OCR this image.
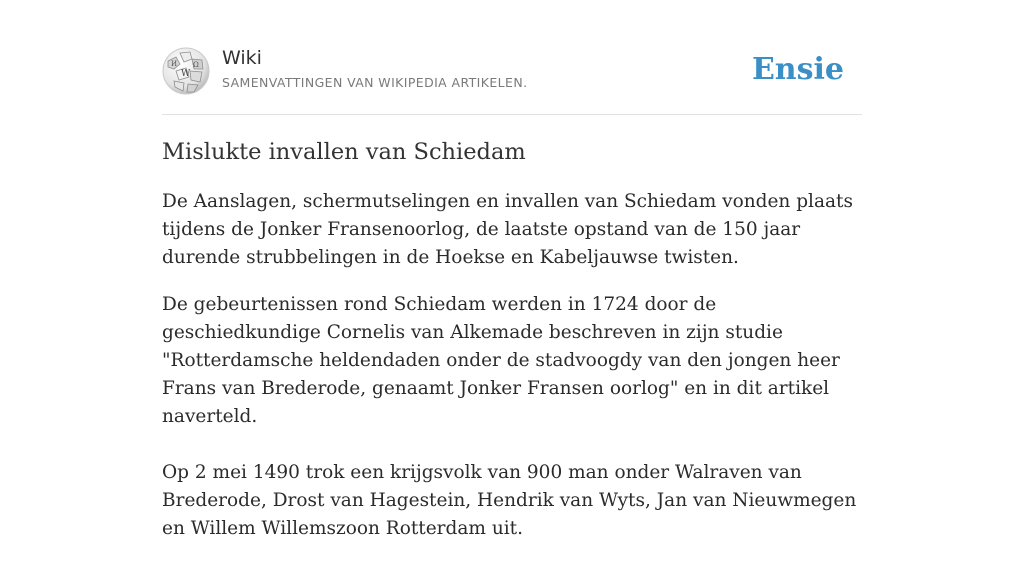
W
Ω
И Wiki
SAMENVATTINGEN VAN WIKIPEDIA ARTIKELEN.	Ensie
Mislukte invallen van Schiedam

De Aanslagen, schermutselingen en invallen van Schiedam vonden plaats tijdens de Jonker Fransenoorlog, de laatste opstand van de 150 jaar durende strubbelingen in de Hoekse en Kabeljauwse twisten.

De gebeurtenissen rond Schiedam werden in 1724 door de geschiedkundige Cornelis van Alkemade beschreven in zijn studie "Rotterdamsche heldendaden onder de stadvoogdy van den jongen heer Frans van Brederode, genaamt Jonker Fransen oorlog" en in dit artikel naverteld.

Op 2 mei 1490 trok een krijgsvolk van 900 man onder Walraven van Brederode, Drost van Hagestein, Hendrik van Wyts, Jan van Nieuwmegen en Willem Willemszoon Rotterdam uit.
